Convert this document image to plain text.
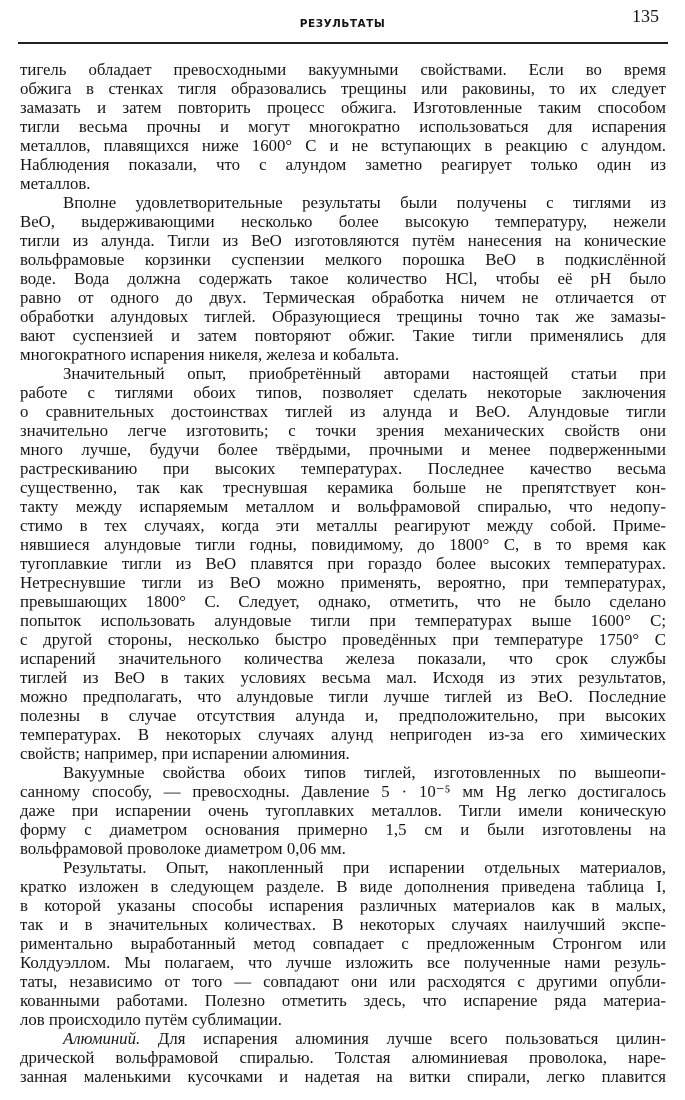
РЕЗУЛЬТАТЫ	135
тигель обладает превосходными вакуумными свойствами. Если во время
обжига в стенках тигля образовались трещины или раковины, то их следует
замазать и затем повторить процесс обжига. Изготовленные таким способом
тигли весьма прочны и могут многократно использоваться для испарения
металлов, плавящихся ниже 1600° С и не вступающих в реакцию с алундом.
Наблюдения показали, что с алундом заметно реагирует только один из
металлов.
Вполне удовлетворительные результаты были получены с тиглями из
BeO, выдерживающими несколько более высокую температуру, нежели
тигли из алунда. Тигли из BeO изготовляются путём нанесения на конические
вольфрамовые корзинки суспензии мелкого порошка BeO в подкислённой
воде. Вода должна содержать такое количество HCl, чтобы её pH было
равно от одного до двух. Термическая обработка ничем не отличается от
обработки алундовых тиглей. Образующиеся трещины точно так же замазы-
вают суспензией и затем повторяют обжиг. Такие тигли применялись для
многократного испарения никеля, железа и кобальта.
Значительный опыт, приобретённый авторами настоящей статьи при
работе с тиглями обоих типов, позволяет сделать некоторые заключения
о сравнительных достоинствах тиглей из алунда и BeO. Алундовые тигли
значительно легче изготовить; с точки зрения механических свойств они
много лучше, будучи более твёрдыми, прочными и менее подверженными
растрескиванию при высоких температурах. Последнее качество весьма
существенно, так как треснувшая керамика больше не препятствует кон-
такту между испаряемым металлом и вольфрамовой спиралью, что недопу-
стимо в тех случаях, когда эти металлы реагируют между собой. Приме-
нявшиеся алундовые тигли годны, повидимому, до 1800° С, в то время как
тугоплавкие тигли из BeO плавятся при гораздо более высоких температурах.
Нетреснувшие тигли из BeO можно применять, вероятно, при температурах,
превышающих 1800° С. Следует, однако, отметить, что не было сделано
попыток использовать алундовые тигли при температурах выше 1600° С;
с другой стороны, несколько быстро проведённых при температуре 1750° С
испарений значительного количества железа показали, что срок службы
тиглей из BeO в таких условиях весьма мал. Исходя из этих результатов,
можно предполагать, что алундовые тигли лучше тиглей из BeO. Последние
полезны в случае отсутствия алунда и, предположительно, при высоких
температурах. В некоторых случаях алунд непригоден из-за его химических
свойств; например, при испарении алюминия.
Вакуумные свойства обоих типов тиглей, изготовленных по вышеопи-
санному способу, — превосходны. Давление 5 · 10⁻⁵ мм Hg легко достигалось
даже при испарении очень тугоплавких металлов. Тигли имели коническую
форму с диаметром основания примерно 1,5 см и были изготовлены на
вольфрамовой проволоке диаметром 0,06 мм.
Результаты. Опыт, накопленный при испарении отдельных материалов,
кратко изложен в следующем разделе. В виде дополнения приведена таблица I,
в которой указаны способы испарения различных материалов как в малых,
так и в значительных количествах. В некоторых случаях наилучший экспе-
риментально выработанный метод совпадает с предложенным Стронгом или
Колдуэллом. Мы полагаем, что лучше изложить все полученные нами резуль-
таты, независимо от того — совпадают они или расходятся с другими опубли-
кованными работами. Полезно отметить здесь, что испарение ряда материа-
лов происходило путём сублимации.
Алюминий. Для испарения алюминия лучше всего пользоваться цилин-
дрической вольфрамовой спиралью. Толстая алюминиевая проволока, наре-
занная маленькими кусочками и надетая на витки спирали, легко плавится
